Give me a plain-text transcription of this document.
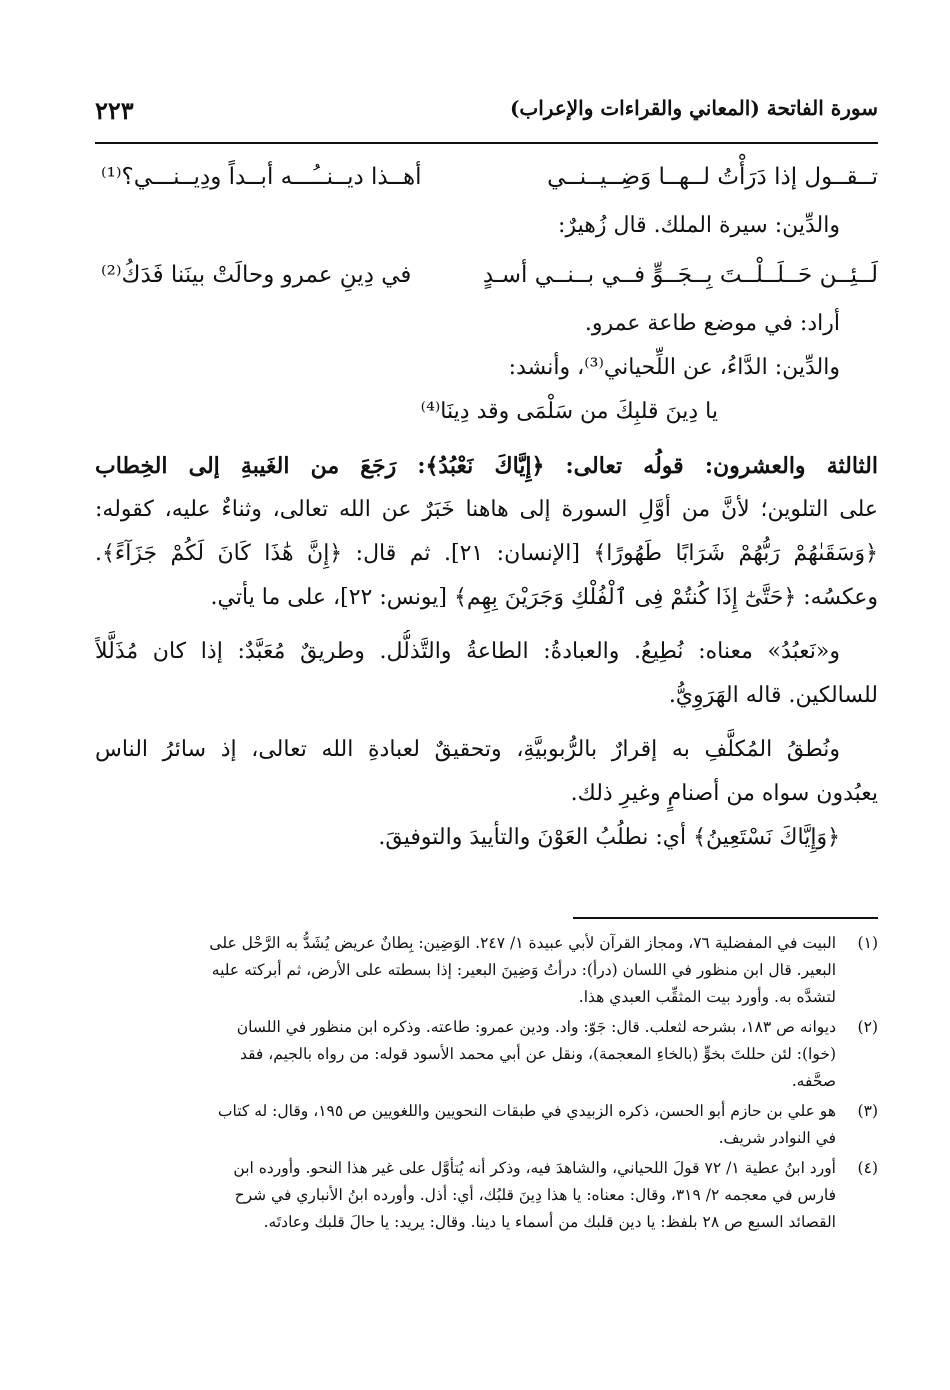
سورة الفاتحة (المعاني والقراءات والإعراب)
٢٢٣
تــقــول إذا دَرَأْتُ لــهــا وَضِــيــنــي
أهــذا ديــنــُـــه أبــداً ودِيــنـــي؟⁽¹⁾
والدِّين: سيرة الملك. قال زُهيرٌ:
لَــئِــن حَــلَــلْــتَ بِــجَــوٍّ فــي بــنــي أسـدٍ
في دِينِ عمرو وحالَتْ بينَنا فَدَكُ⁽²⁾
أراد: في موضع طاعة عمرو.
والدِّين: الدَّاءُ، عن اللِّحياني⁽³⁾، وأنشد:
يا دِينَ قلبِكَ من سَلْمَى وقد دِينَا⁽⁴⁾
الثالثة والعشرون: قولُه تعالى: ﴿إِيَّاكَ نَعْبُدُ﴾: رَجَعَ من الغَيبةِ إلى الخِطاب
على التلوين؛ لأنَّ من أوَّلِ السورة إلى هاهنا خَبَرٌ عن الله تعالى، وثناءٌ عليه، كقوله:
﴿وَسَقَىٰهُمْ رَبُّهُمْ شَرَابًا طَهُورًا﴾ [الإنسان: ٢١]. ثم قال: ﴿إِنَّ هَٰذَا كَانَ لَكُمْ جَزَآءً﴾.
وعكسُه: ﴿حَتَّىٰٓ إِذَا كُنتُمْ فِى ٱلْفُلْكِ وَجَرَيْنَ بِهِم﴾ [يونس: ٢٢]، على ما يأتي.
و«نَعبُدُ» معناه: نُطِيعُ. والعبادةُ: الطاعةُ والتَّذلُّل. وطريقٌ مُعَبَّدٌ: إذا كان مُذَلَّلاً
للسالكين. قاله الهَرَوِيُّ.
ونُطقُ المُكلَّفِ به إقرارٌ بالرُّبوبيَّةِ، وتحقيقٌ لعبادةِ الله تعالى، إذ سائرُ الناس
يعبُدون سواه من أصنامٍ وغيرِ ذلك.
﴿وَإِيَّاكَ نَسْتَعِينُ﴾ أي: نطلُبُ العَوْنَ والتأييدَ والتوفيقَ.
(١)
البيت في المفضلية ٧٦، ومجاز القرآن لأبي عبيدة ١/ ٢٤٧. الوَضِين: بِطانٌ عريض يُشَدُّ به الرَّحْل على
البعير. قال ابن منظور في اللسان (درأ): درأتُ وَضِينَ البعير: إذا بسطته على الأرض، ثم أبركته عليه
لتشدَّه به. وأورد بيت المثقِّب العبدي هذا.
(٢)
ديوانه ص ١٨٣، بشرحه لثعلب. قال: جَوّ: واد. ودين عمرو: طاعته. وذكره ابن منظور في اللسان
(خوا): لئن حللتَ بخوٍّ (بالخاءِ المعجمة)، ونقل عن أبي محمد الأسود قوله: من رواه بالجيم، فقد
صحَّفه.
(٣)
هو علي بن حازم أبو الحسن، ذكره الزبيدي في طبقات النحويين واللغويين ص ١٩٥، وقال: له كتاب
في النوادر شريف.
(٤)
أورد ابنُ عطية ١/ ٧٢ قولَ اللحياني، والشاهدَ فيه، وذكر أنه يُتأوَّل على غير هذا النحو. وأورده ابن
فارس في معجمه ٢/ ٣١٩، وقال: معناه: يا هذا دِينَ قلبُك، أي: أذل. وأورده ابنُ الأنباري في شرح
القصائد السبع ص ٢٨ بلفظ: يا دين قلبك من أسماء يا دينا. وقال: يريد: يا حالَ قلبك وعادتَه.
